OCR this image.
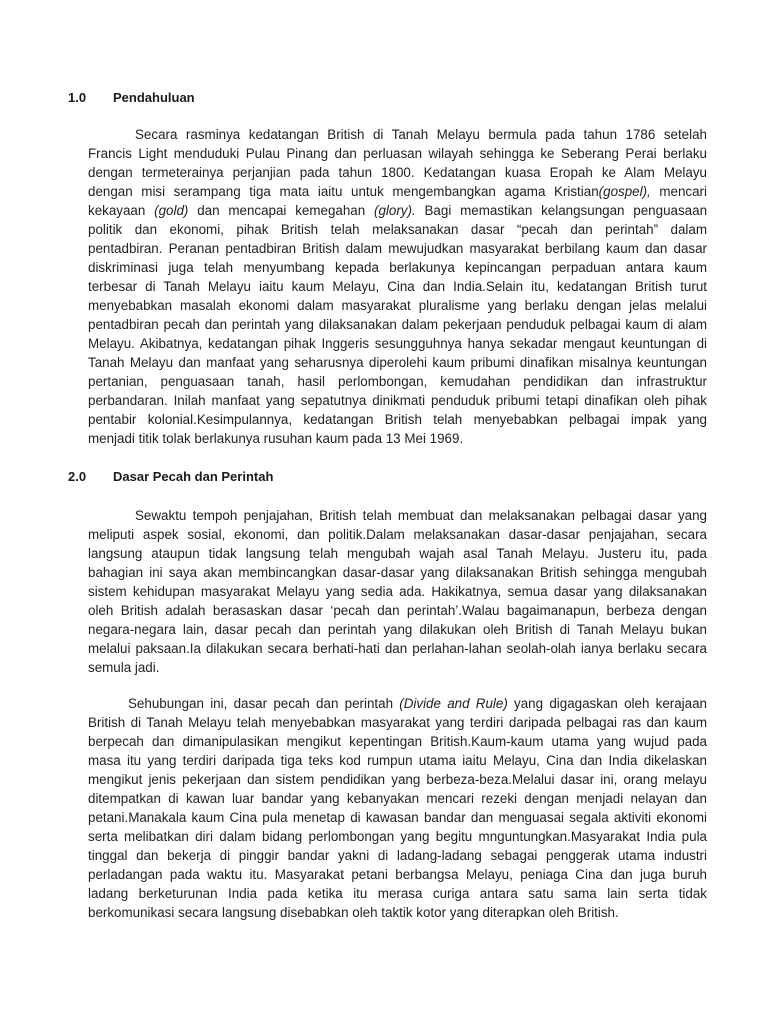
1.0 Pendahuluan
Secara rasminya kedatangan British di Tanah Melayu bermula pada tahun 1786 setelah
Francis Light menduduki Pulau Pinang dan perluasan wilayah sehingga ke Seberang Perai berlaku
dengan termeterainya perjanjian pada tahun 1800. Kedatangan kuasa Eropah ke Alam Melayu
dengan misi serampang tiga mata iaitu untuk mengembangkan agama Kristian(gospel), mencari
kekayaan (gold) dan mencapai kemegahan (glory). Bagi memastikan kelangsungan penguasaan
politik dan ekonomi, pihak British telah melaksanakan dasar “pecah dan perintah” dalam
pentadbiran. Peranan pentadbiran British dalam mewujudkan masyarakat berbilang kaum dan dasar
diskriminasi juga telah menyumbang kepada berlakunya kepincangan perpaduan antara kaum
terbesar di Tanah Melayu iaitu kaum Melayu, Cina dan India.Selain itu, kedatangan British turut
menyebabkan masalah ekonomi dalam masyarakat pluralisme yang berlaku dengan jelas melalui
pentadbiran pecah dan perintah yang dilaksanakan dalam pekerjaan penduduk pelbagai kaum di alam
Melayu. Akibatnya, kedatangan pihak Inggeris sesungguhnya hanya sekadar mengaut keuntungan di
Tanah Melayu dan manfaat yang seharusnya diperolehi kaum pribumi dinafikan misalnya keuntungan
pertanian, penguasaan tanah, hasil perlombongan, kemudahan pendidikan dan infrastruktur
perbandaran. Inilah manfaat yang sepatutnya dinikmati penduduk pribumi tetapi dinafikan oleh pihak
pentabir kolonial.Kesimpulannya, kedatangan British telah menyebabkan pelbagai impak yang
menjadi titik tolak berlakunya rusuhan kaum pada 13 Mei 1969.
2.0 Dasar Pecah dan Perintah
Sewaktu tempoh penjajahan, British telah membuat dan melaksanakan pelbagai dasar yang
meliputi aspek sosial, ekonomi, dan politik.Dalam melaksanakan dasar-dasar penjajahan, secara
langsung ataupun tidak langsung telah mengubah wajah asal Tanah Melayu. Justeru itu, pada
bahagian ini saya akan membincangkan dasar-dasar yang dilaksanakan British sehingga mengubah
sistem kehidupan masyarakat Melayu yang sedia ada. Hakikatnya, semua dasar yang dilaksanakan
oleh British adalah berasaskan dasar ‘pecah dan perintah’.Walau bagaimanapun, berbeza dengan
negara-negara lain, dasar pecah dan perintah yang dilakukan oleh British di Tanah Melayu bukan
melalui paksaan.Ia dilakukan secara berhati-hati dan perlahan-lahan seolah-olah ianya berlaku secara
semula jadi.
Sehubungan ini, dasar pecah dan perintah (Divide and Rule) yang digagaskan oleh kerajaan
British di Tanah Melayu telah menyebabkan masyarakat yang terdiri daripada pelbagai ras dan kaum
berpecah dan dimanipulasikan mengikut kepentingan British.Kaum-kaum utama yang wujud pada
masa itu yang terdiri daripada tiga teks kod rumpun utama iaitu Melayu, Cina dan India dikelaskan
mengikut jenis pekerjaan dan sistem pendidikan yang berbeza-beza.Melalui dasar ini, orang melayu
ditempatkan di kawan luar bandar yang kebanyakan mencari rezeki dengan menjadi nelayan dan
petani.Manakala kaum Cina pula menetap di kawasan bandar dan menguasai segala aktiviti ekonomi
serta melibatkan diri dalam bidang perlombongan yang begitu mnguntungkan.Masyarakat India pula
tinggal dan bekerja di pinggir bandar yakni di ladang-ladang sebagai penggerak utama industri
perladangan pada waktu itu. Masyarakat petani berbangsa Melayu, peniaga Cina dan juga buruh
ladang berketurunan India pada ketika itu merasa curiga antara satu sama lain serta tidak
berkomunikasi secara langsung disebabkan oleh taktik kotor yang diterapkan oleh British.
